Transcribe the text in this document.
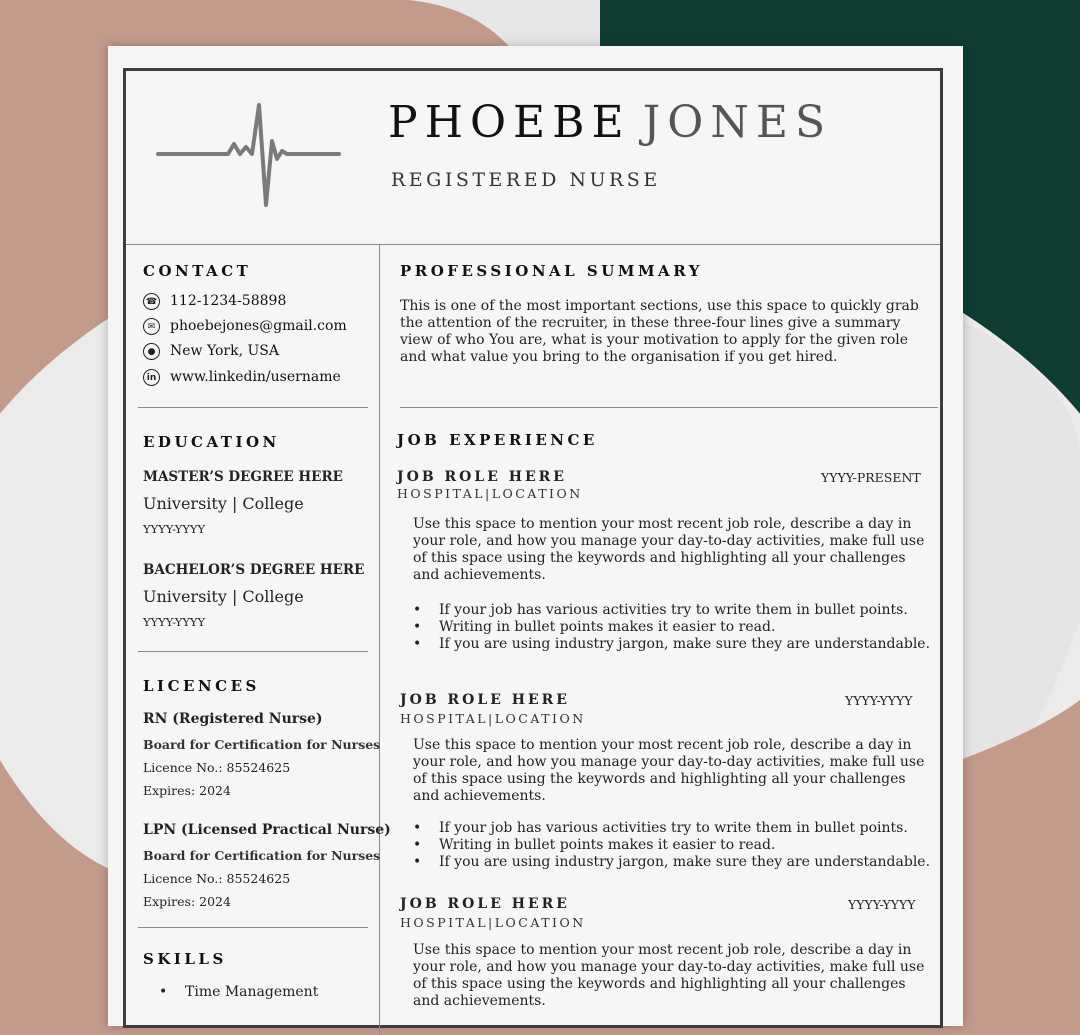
PHOEBE JONES
REGISTERED NURSE
CONTACT
☎ 112-1234-58898
✉	phoebejones@gmail.com
●	New York, USA
in www.linkedin/username
EDUCATION
MASTER’S DEGREE HERE
University | College
YYYY-YYYY
BACHELOR’S DEGREE HERE
University | College
YYYY-YYYY
LICENCES
RN (Registered Nurse)
Board for Certification for Nurses
Licence No.: 85524625
Expires: 2024
LPN (Licensed Practical Nurse)
Board for Certification for Nurses
Licence No.: 85524625
Expires: 2024
SKILLS
• Time Management
PROFESSIONAL SUMMARY
This is one of the most important sections, use this space to quickly grab the attention of the recruiter, in these three-four lines give a summary view of who You are, what is your motivation to apply for the given role and what value you bring to the organisation if you get hired.
JOB EXPERIENCE
JOB ROLE HERE	YYYY-PRESENT
HOSPITAL|LOCATION
Use this space to mention your most recent job role, describe a day in your role, and how you manage your day-to-day activities, make full use of this space using the keywords and highlighting all your challenges and achievements.
• If your job has various activities try to write them in bullet points.
• Writing in bullet points makes it easier to read.
• If you are using industry jargon, make sure they are understandable.
JOB ROLE HERE	YYYY-YYYY
HOSPITAL|LOCATION
Use this space to mention your most recent job role, describe a day in your role, and how you manage your day-to-day activities, make full use of this space using the keywords and highlighting all your challenges and achievements.
• If your job has various activities try to write them in bullet points.
• Writing in bullet points makes it easier to read.
• If you are using industry jargon, make sure they are understandable.
JOB ROLE HERE	YYYY-YYYY
HOSPITAL|LOCATION
Use this space to mention your most recent job role, describe a day in your role, and how you manage your day-to-day activities, make full use of this space using the keywords and highlighting all your challenges and achievements.
